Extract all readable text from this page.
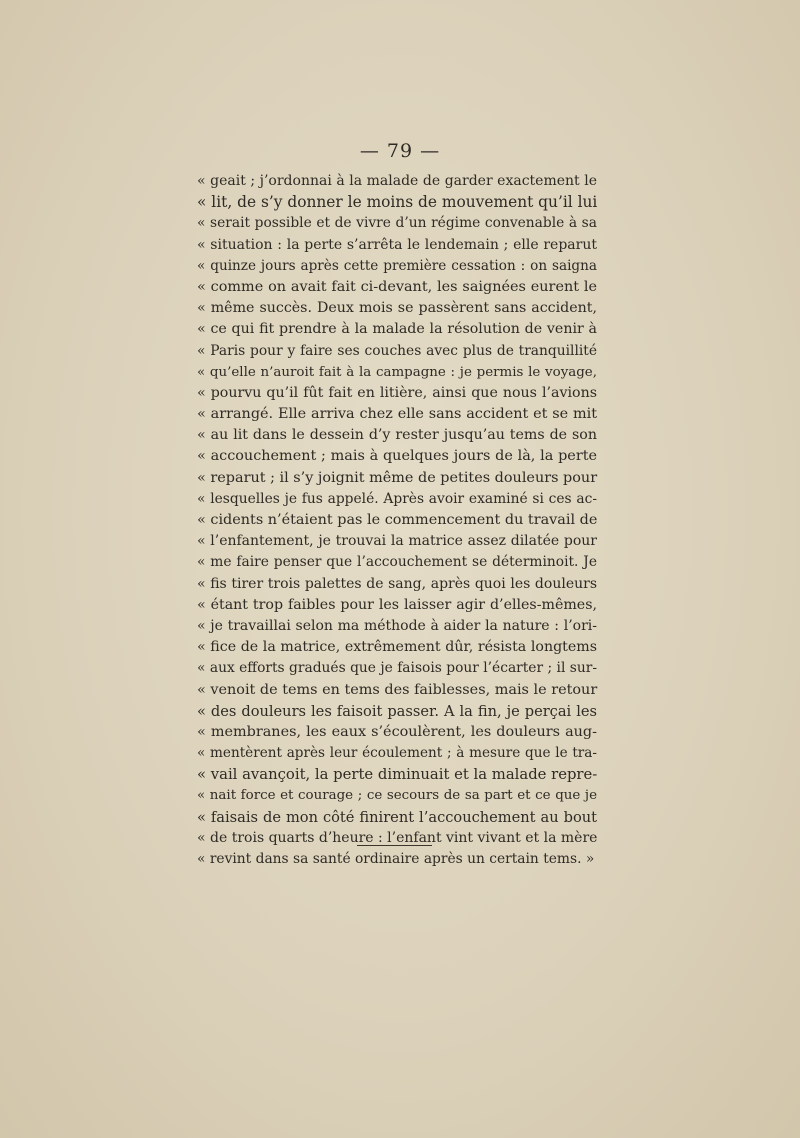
— 79 —
« geait ; j’ordonnai à la malade de garder exactement le
« lit, de s’y donner le moins de mouvement qu’il lui
« serait possible et de vivre d’un régime convenable à sa
« situation : la perte s’arrêta le lendemain ; elle reparut
« quinze jours après cette première cessation : on saigna
« comme on avait fait ci-devant, les saignées eurent le
« même succès. Deux mois se passèrent sans accident,
« ce qui fit prendre à la malade la résolution de venir à
« Paris pour y faire ses couches avec plus de tranquillité
« qu’elle n’auroit fait à la campagne : je permis le voyage,
« pourvu qu’il fût fait en litière, ainsi que nous l’avions
« arrangé. Elle arriva chez elle sans accident et se mit
« au lit dans le dessein d’y rester jusqu’au tems de son
« accouchement ; mais à quelques jours de là, la perte
« reparut ; il s’y joignit même de petites douleurs pour
« lesquelles je fus appelé. Après avoir examiné si ces ac-
« cidents n’étaient pas le commencement du travail de
« l’enfantement, je trouvai la matrice assez dilatée pour
« me faire penser que l’accouchement se déterminoit. Je
« fis tirer trois palettes de sang, après quoi les douleurs
« étant trop faibles pour les laisser agir d’elles-mêmes,
« je travaillai selon ma méthode à aider la nature : l’ori-
« fice de la matrice, extrêmement dûr, résista longtems
« aux efforts gradués que je faisois pour l’écarter ; il sur-
« venoit de tems en tems des faiblesses, mais le retour
« des douleurs les faisoit passer. A la fin, je perçai les
« membranes, les eaux s’écoulèrent, les douleurs aug-
« mentèrent après leur écoulement ; à mesure que le tra-
« vail avançoit, la perte diminuait et la malade repre-
« nait force et courage ; ce secours de sa part et ce que je
« faisais de mon côté finirent l’accouchement au bout
« de trois quarts d’heure : l’enfant vint vivant et la mère
« revint dans sa santé ordinaire après un certain tems. »
